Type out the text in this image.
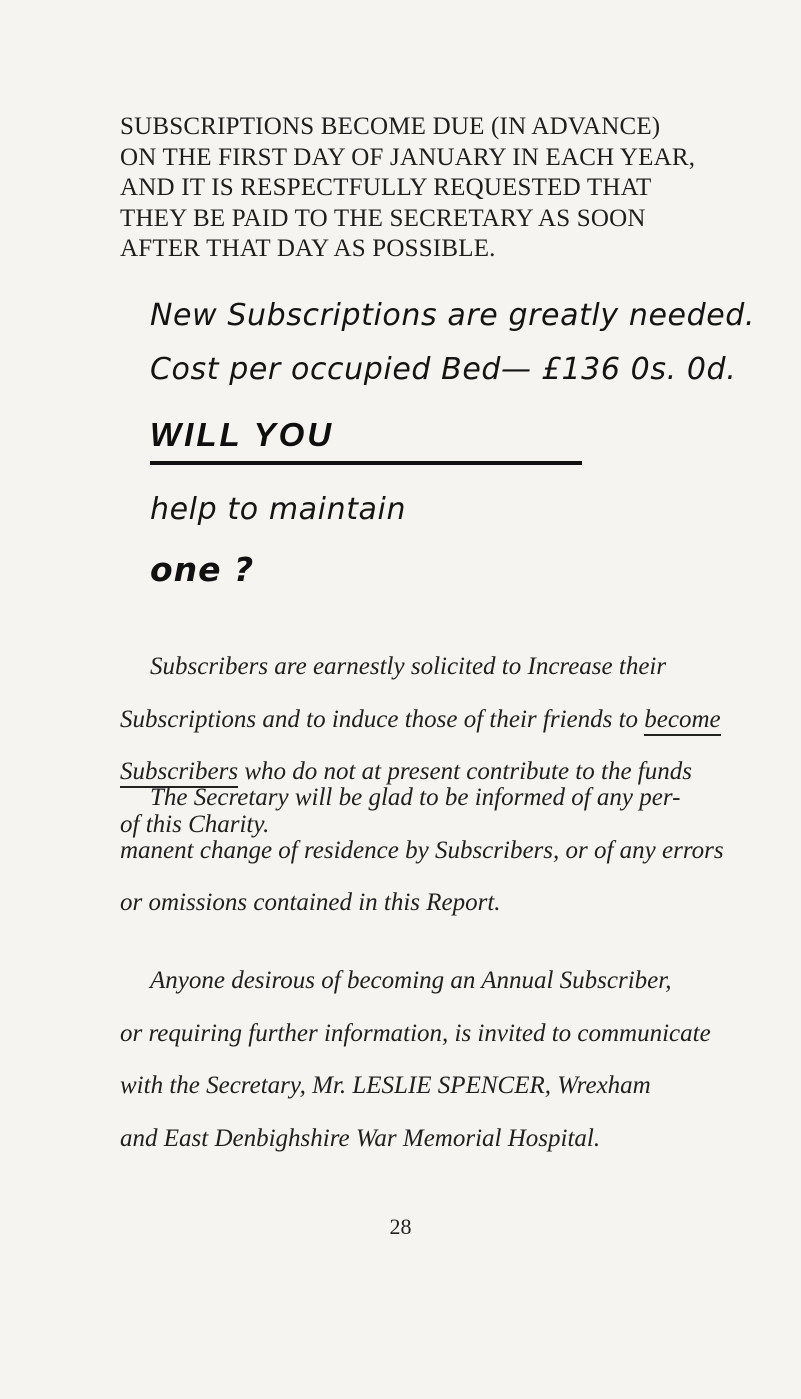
SUBSCRIPTIONS BECOME DUE (IN ADVANCE)
ON THE FIRST DAY OF JANUARY IN EACH YEAR,
AND IT IS RESPECTFULLY REQUESTED THAT
THEY BE PAID TO THE SECRETARY AS SOON
AFTER THAT DAY AS POSSIBLE.
New Subscriptions are greatly needed.
Cost per occupied Bed— £136 0s. 0d.
WILL YOU
help to maintain
one ?
Subscribers are earnestly solicited to Increase their
Subscriptions and to induce those of their friends to become
Subscribers who do not at present contribute to the funds
of this Charity.
The Secretary will be glad to be informed of any per-
manent change of residence by Subscribers, or of any errors
or omissions contained in this Report.
Anyone desirous of becoming an Annual Subscriber,
or requiring further information, is invited to communicate
with the Secretary, Mr. LESLIE SPENCER, Wrexham
and East Denbighshire War Memorial Hospital.
28
